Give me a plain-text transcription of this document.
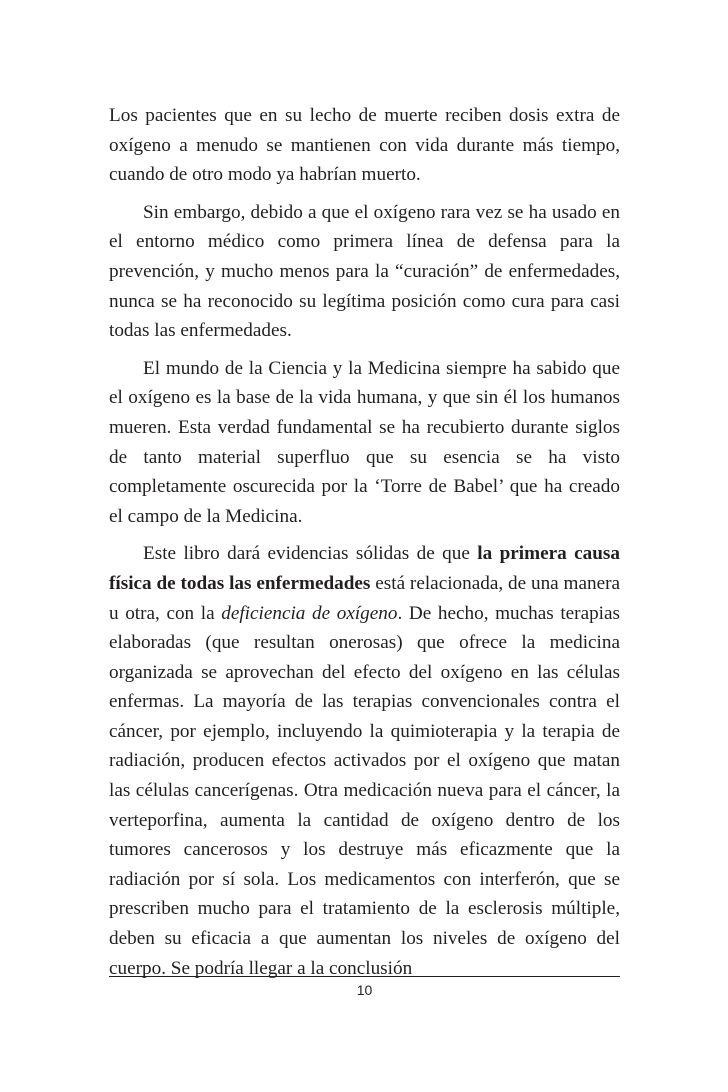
Los pacientes que en su lecho de muerte reciben dosis extra de oxígeno a menudo se mantienen con vida durante más tiempo, cuando de otro modo ya habrían muerto.

Sin embargo, debido a que el oxígeno rara vez se ha usado en el entorno médico como primera línea de defensa para la prevención, y mucho menos para la “curación” de enfermedades, nunca se ha reconocido su legítima posición como cura para casi todas las enfermedades.

El mundo de la Ciencia y la Medicina siempre ha sabido que el oxígeno es la base de la vida humana, y que sin él los humanos mueren. Esta verdad fundamental se ha recubierto durante siglos de tanto material superfluo que su esencia se ha visto completamente oscurecida por la ‘Torre de Babel’ que ha creado el campo de la Medicina.

Este libro dará evidencias sólidas de que la primera causa física de todas las enfermedades está relacionada, de una manera u otra, con la deficiencia de oxígeno. De hecho, muchas terapias elaboradas (que resultan onerosas) que ofrece la medicina organizada se aprovechan del efecto del oxígeno en las células enfermas. La mayoría de las terapias convencionales contra el cáncer, por ejemplo, incluyendo la quimioterapia y la terapia de radiación, producen efectos activados por el oxígeno que matan las células cancerígenas. Otra medicación nueva para el cáncer, la verteporfina, aumenta la cantidad de oxígeno dentro de los tumores cancerosos y los destruye más eficazmente que la radiación por sí sola. Los medicamentos con interferón, que se prescriben mucho para el tratamiento de la esclerosis múltiple, deben su eficacia a que aumentan los niveles de oxígeno del cuerpo. Se podría llegar a la conclusión

10
